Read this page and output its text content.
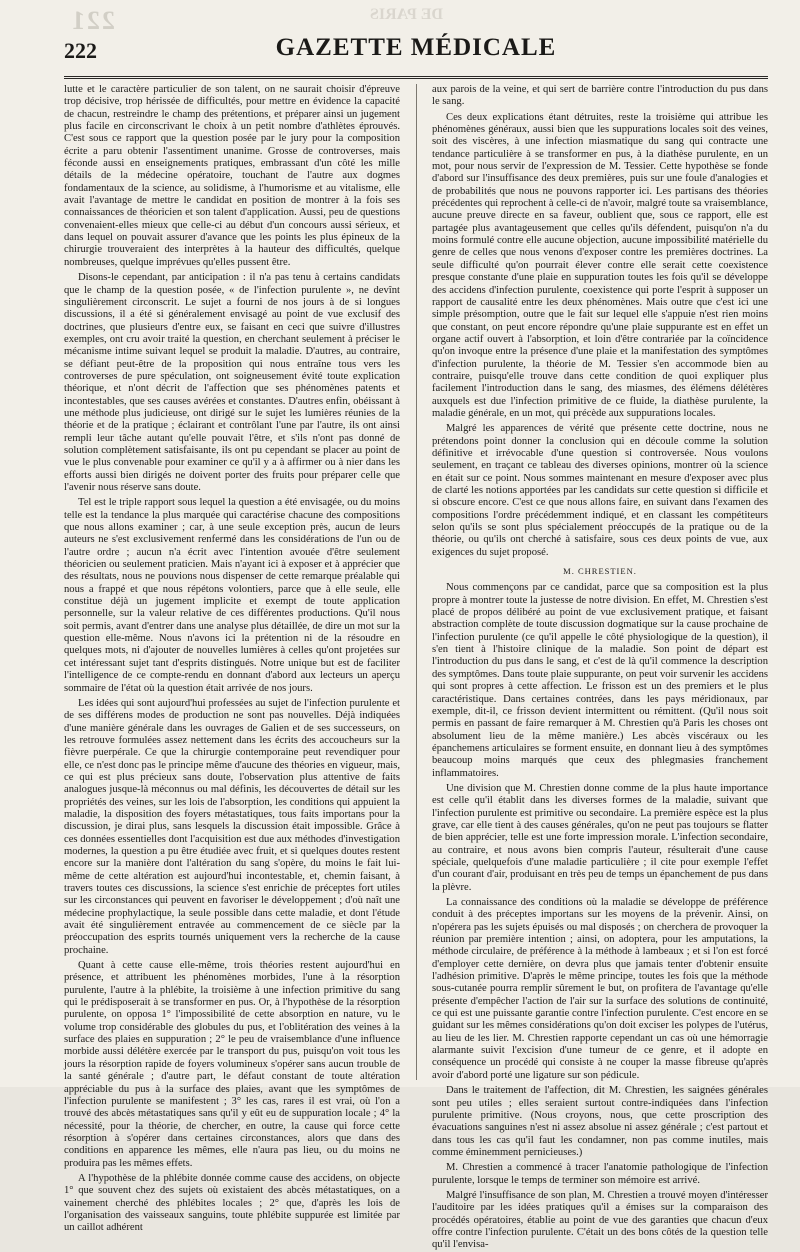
221	DE PARIS
GAZETTE MÉDICALE
222

lutte et le caractère particulier de son talent, on ne saurait choisir d'épreuve trop décisive, trop hérissée de difficultés, pour mettre en évidence la capacité de chacun, restreindre le champ des prétentions, et préparer ainsi un jugement plus facile en circonscrivant le choix à un petit nombre d'athlètes éprouvés. C'est sous ce rapport que la question posée par le jury pour la composition écrite a paru obtenir l'assentiment unanime. Grosse de controverses, mais féconde aussi en enseignements pratiques, embrassant d'un côté les mille détails de la médecine opératoire, touchant de l'autre aux dogmes fondamentaux de la science, au solidisme, à l'humorisme et au vitalisme, elle avait l'avantage de mettre le candidat en position de montrer à la fois ses connaissances de théoricien et son talent d'application. Aussi, peu de questions convenaient-elles mieux que celle-ci au début d'un concours aussi sérieux, et dans lequel on pouvait assurer d'avance que les points les plus épineux de la chirurgie trouveraient des interprètes à la hauteur des difficultés, quelque nombreuses, quelque imprévues qu'elles pussent être.

Disons-le cependant, par anticipation : il n'a pas tenu à certains candidats que le champ de la question posée, « de l'infection purulente », ne devînt singulièrement circonscrit. Le sujet a fourni de nos jours à de si longues discussions, il a été si généralement envisagé au point de vue exclusif des doctrines, que plusieurs d'entre eux, se faisant en ceci que suivre d'illustres exemples, ont cru avoir traité la question, en cherchant seulement à préciser le mécanisme intime suivant lequel se produit la maladie. D'autres, au contraire, se défiant peut-être de la proposition qui nous entraîne tous vers les controverses de pure spéculation, ont soigneusement évité toute explication théorique, et n'ont décrit de l'affection que ses phénomènes patents et incontestables, que ses causes avérées et constantes. D'autres enfin, obéissant à une méthode plus judicieuse, ont dirigé sur le sujet les lumières réunies de la théorie et de la pratique ; éclairant et contrôlant l'une par l'autre, ils ont ainsi rempli leur tâche autant qu'elle pouvait l'être, et s'ils n'ont pas donné de solution complètement satisfaisante, ils ont pu cependant se placer au point de vue le plus convenable pour examiner ce qu'il y a à affirmer ou à nier dans les efforts aussi bien dirigés ne doivent porter des fruits pour préparer celle que l'avenir nous réserve sans doute.

Tel est le triple rapport sous lequel la question a été envisagée, ou du moins telle est la tendance la plus marquée qui caractérise chacune des compositions que nous allons examiner ; car, à une seule exception près, aucun de leurs auteurs ne s'est exclusivement renfermé dans les considérations de l'un ou de l'autre ordre ; aucun n'a écrit avec l'intention avouée d'être seulement théoricien ou seulement praticien. Mais n'ayant ici à exposer et à apprécier que des résultats, nous ne pouvions nous dispenser de cette remarque préalable qui nous a frappé et que nous répétons volontiers, parce que à elle seule, elle constitue déjà un jugement implicite et exempt de toute application personnelle, sur la valeur relative de ces différentes productions. Qu'il nous soit permis, avant d'entrer dans une analyse plus détaillée, de dire un mot sur la question elle-même. Nous n'avons ici la prétention ni de la résoudre en quelques mots, ni d'ajouter de nouvelles lumières à celles qu'ont projetées sur cet intéressant sujet tant d'esprits distingués. Notre unique but est de faciliter l'intelligence de ce compte-rendu en donnant d'abord aux lecteurs un aperçu sommaire de l'état où la question était arrivée de nos jours.

Les idées qui sont aujourd'hui professées au sujet de l'infection purulente et de ses différens modes de production ne sont pas nouvelles. Déjà indiquées d'une manière générale dans les ouvrages de Galien et de ses successeurs, on les retrouve formulées assez nettement dans les écrits des accoucheurs sur la fièvre puerpérale. Ce que la chirurgie contemporaine peut revendiquer pour elle, ce n'est donc pas le principe même d'aucune des théories en vigueur, mais, ce qui est plus précieux sans doute, l'observation plus attentive de faits analogues jusque-là méconnus ou mal définis, les découvertes de détail sur les propriétés des veines, sur les lois de l'absorption, les conditions qui appuient la maladie, la disposition des foyers métastatiques, tous faits importans pour la discussion, je dirai plus, sans lesquels la discussion était impossible. Grâce à ces données essentielles dont l'acquisition est due aux méthodes d'investigation modernes, la question a pu être étudiée avec fruit, et si quelques doutes restent encore sur la manière dont l'altération du sang s'opère, du moins le fait lui-même de cette altération est aujourd'hui incontestable, et, chemin faisant, à travers toutes ces discussions, la science s'est enrichie de préceptes fort utiles sur les circonstances qui peuvent en favoriser le développement ; d'où naît une médecine prophylactique, la seule possible dans cette maladie, et dont l'étude avait été singulièrement entravée au commencement de ce siècle par la préoccupation des esprits tournés uniquement vers la recherche de la cause prochaine.

Quant à cette cause elle-même, trois théories restent aujourd'hui en présence, et attribuent les phénomènes morbides, l'une à la résorption purulente, l'autre à la phlébite, la troisième à une infection primitive du sang qui le prédisposerait à se transformer en pus. Or, à l'hypothèse de la résorption purulente, on opposa 1° l'impossibilité de cette absorption en nature, vu le volume trop considérable des globules du pus, et l'oblitération des veines à la surface des plaies en suppuration ; 2° le peu de vraisemblance d'une influence morbide aussi délétère exercée par le transport du pus, puisqu'on voit tous les jours la résorption rapide de foyers volumineux s'opérer sans aucun trouble de la santé générale ; d'autre part, le défaut constant de toute altération appréciable du pus à la surface des plaies, avant que les symptômes de l'infection purulente se manifestent ; 3° les cas, rares il est vrai, où l'on a trouvé des abcès métastatiques sans qu'il y eût eu de suppuration locale ; 4° la nécessité, pour la théorie, de chercher, en outre, la cause qui force cette résorption à s'opérer dans certaines circonstances, alors que dans des conditions en apparence les mêmes, elle n'aura pas lieu, ou du moins ne produira pas les mêmes effets.

A l'hypothèse de la phlébite donnée comme cause des accidens, on objecte 1° que souvent chez des sujets où existaient des abcès métastatiques, on a vainement cherché des phlébites locales ; 2° que, d'après les lois de l'organisation des vaisseaux sanguins, toute phlébite suppurée est limitée par un caillot adhérent

aux parois de la veine, et qui sert de barrière contre l'introduction du pus dans le sang.

Ces deux explications étant détruites, reste la troisième qui attribue les phénomènes généraux, aussi bien que les suppurations locales soit des veines, soit des viscères, à une infection miasmatique du sang qui contracte une tendance particulière à se transformer en pus, à la diathèse purulente, en un mot, pour nous servir de l'expression de M. Tessier. Cette hypothèse se fonde d'abord sur l'insuffisance des deux premières, puis sur une foule d'analogies et de probabilités que nous ne pouvons rapporter ici. Les partisans des théories précédentes qui reprochent à celle-ci de n'avoir, malgré toute sa vraisemblance, aucune preuve directe en sa faveur, oublient que, sous ce rapport, elle est partagée plus avantageusement que celles qu'ils défendent, puisqu'on n'a du moins formulé contre elle aucune objection, aucune impossibilité matérielle du genre de celles que nous venons d'exposer contre les premières doctrines. La seule difficulté qu'on pourrait élever contre elle serait cette coexistence presque constante d'une plaie en suppuration toutes les fois qu'il se développe des accidens d'infection purulente, coexistence qui porte l'esprit à supposer un rapport de causalité entre les deux phénomènes. Mais outre que c'est ici une simple présomption, outre que le fait sur lequel elle s'appuie n'est rien moins que constant, on peut encore répondre qu'une plaie suppurante est en effet un organe actif ouvert à l'absorption, et loin d'être contrariée par la coïncidence qu'on invoque entre la présence d'une plaie et la manifestation des symptômes d'infection purulente, la théorie de M. Tessier s'en accommode bien au contraire, puisqu'elle trouve dans cette condition de quoi expliquer plus facilement l'introduction dans le sang, des miasmes, des élémens délétères auxquels est due l'infection primitive de ce fluide, la diathèse purulente, la maladie générale, en un mot, qui précède aux suppurations locales.

Malgré les apparences de vérité que présente cette doctrine, nous ne prétendons point donner la conclusion qui en découle comme la solution définitive et irrévocable d'une question si controversée. Nous voulons seulement, en traçant ce tableau des diverses opinions, montrer où la science en était sur ce point. Nous sommes maintenant en mesure d'exposer avec plus de clarté les notions apportées par les candidats sur cette question si difficile et si obscure encore. C'est ce que nous allons faire, en suivant dans l'examen des compositions l'ordre précédemment indiqué, et en classant les compétiteurs selon qu'ils se sont plus spécialement préoccupés de la pratique ou de la théorie, ou qu'ils ont cherché à satisfaire, sous ces deux points de vue, aux exigences du sujet proposé.

M. CHRESTIEN.

Nous commençons par ce candidat, parce que sa composition est la plus propre à montrer toute la justesse de notre division. En effet, M. Chrestien s'est placé de propos délibéré au point de vue exclusivement pratique, et faisant abstraction complète de toute discussion dogmatique sur la cause prochaine de l'infection purulente (ce qu'il appelle le côté physiologique de la question), il s'en tient à l'histoire clinique de la maladie. Son point de départ est l'introduction du pus dans le sang, et c'est de là qu'il commence la description des symptômes. Dans toute plaie suppurante, on peut voir survenir les accidens qui sont propres à cette affection. Le frisson est un des premiers et le plus caractéristique. Dans certaines contrées, dans les pays méridionaux, par exemple, dit-il, ce frisson devient intermittent ou rémittent. (Qu'il nous soit permis en passant de faire remarquer à M. Chrestien qu'à Paris les choses ont absolument lieu de la même manière.) Les abcès viscéraux ou les épanchemens articulaires se forment ensuite, en donnant lieu à des symptômes beaucoup moins marqués que ceux des phlegmasies franchement inflammatoires.

Une division que M. Chrestien donne comme de la plus haute importance est celle qu'il établit dans les diverses formes de la maladie, suivant que l'infection purulente est primitive ou secondaire. La première espèce est la plus grave, car elle tient à des causes générales, qu'on ne peut pas toujours se flatter de bien apprécier, telle est une forte impression morale. L'infection secondaire, au contraire, et nous avons bien compris l'auteur, résulterait d'une cause spéciale, quelquefois d'une maladie particulière ; il cite pour exemple l'effet d'un courant d'air, produisant en très peu de temps un épanchement de pus dans la plèvre.

La connaissance des conditions où la maladie se développe de préférence conduit à des préceptes importans sur les moyens de la prévenir. Ainsi, on n'opérera pas les sujets épuisés ou mal disposés ; on cherchera de provoquer la réunion par première intention ; ainsi, on adoptera, pour les amputations, la méthode circulaire, de préférence à la méthode à lambeaux ; et si l'on est forcé d'employer cette dernière, on devra plus que jamais tenter d'obtenir ensuite l'adhésion primitive. D'après le même principe, toutes les fois que la méthode sous-cutanée pourra remplir sûrement le but, on profitera de l'avantage qu'elle présente d'empêcher l'action de l'air sur la surface des solutions de continuité, ce qui est une puissante garantie contre l'infection purulente. C'est encore en se guidant sur les mêmes considérations qu'on doit exciser les polypes de l'utérus, au lieu de les lier. M. Chrestien rapporte cependant un cas où une hémorragie alarmante suivit l'excision d'une tumeur de ce genre, et il adopte en conséquence un procédé qui consiste à ne couper la masse fibreuse qu'après avoir d'abord porté une ligature sur son pédicule.

Dans le traitement de l'affection, dit M. Chrestien, les saignées générales sont peu utiles ; elles seraient surtout contre-indiquées dans l'infection purulente primitive. (Nous croyons, nous, que cette proscription des évacuations sanguines n'est ni assez absolue ni assez générale ; c'est partout et dans tous les cas qu'il faut les condamner, non pas comme inutiles, mais comme éminemment pernicieuses.)

M. Chrestien a commencé à tracer l'anatomie pathologique de l'infection purulente, lorsque le temps de terminer son mémoire est arrivé.

Malgré l'insuffisance de son plan, M. Chrestien a trouvé moyen d'intéresser l'auditoire par les idées pratiques qu'il a émises sur la comparaison des procédés opératoires, établie au point de vue des garanties que chacun d'eux offre contre l'infection purulente. C'était un des bons côtés de la question telle qu'il l'envisa-
